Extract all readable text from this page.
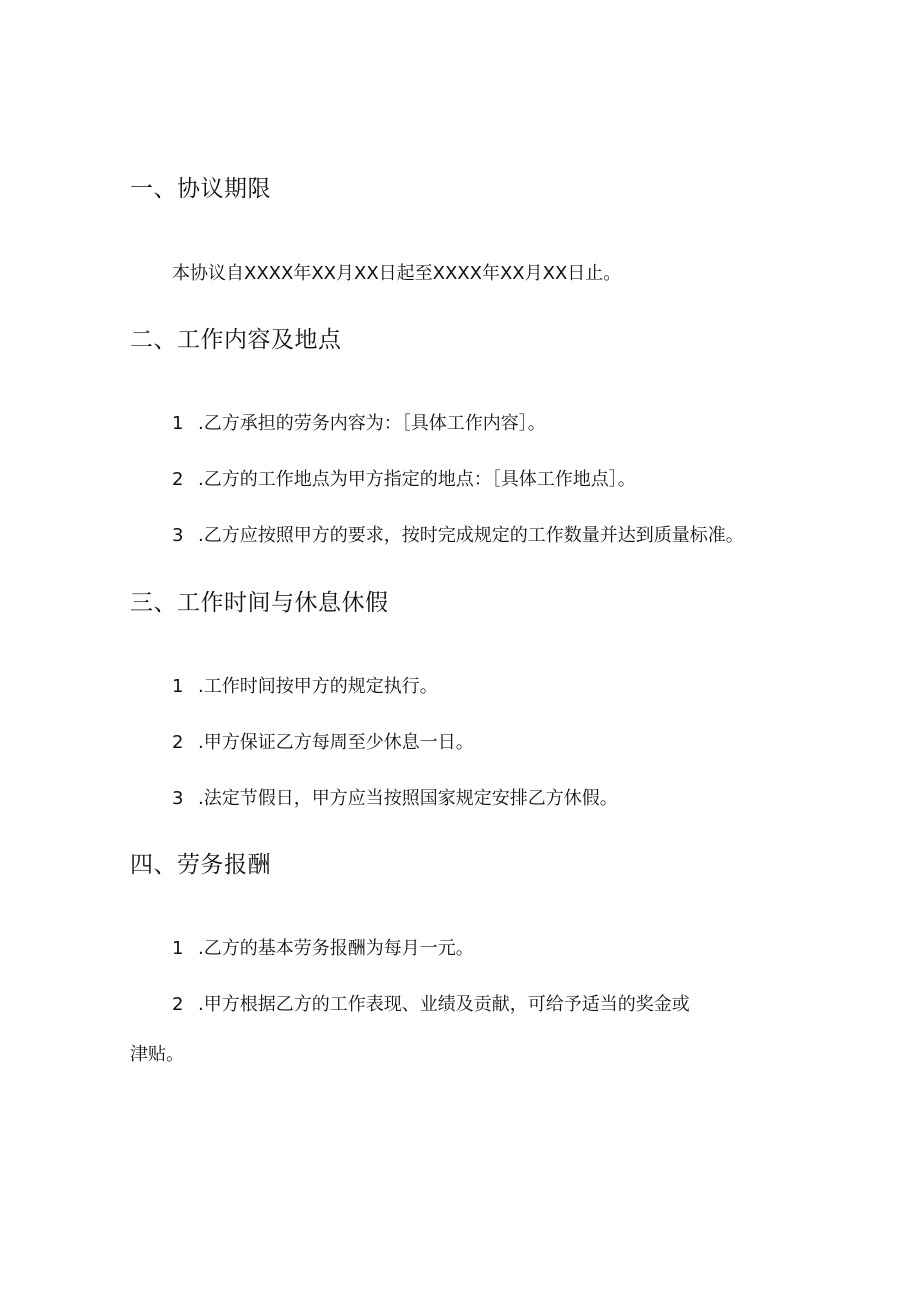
一、协议期限
本协议自XXXX年XX月XX日起至XXXX年XX月XX日止。
二、工作内容及地点
1 .乙方承担的劳务内容为：［具体工作内容］。
2 .乙方的工作地点为甲方指定的地点：［具体工作地点］。
3 .乙方应按照甲方的要求，按时完成规定的工作数量并达到质量标准。
三、工作时间与休息休假
1 .工作时间按甲方的规定执行。
2 .甲方保证乙方每周至少休息一日。
3 .法定节假日，甲方应当按照国家规定安排乙方休假。
四、劳务报酬
1 .乙方的基本劳务报酬为每月一元。
2 .甲方根据乙方的工作表现、业绩及贡献，可给予适当的奖金或
津贴。
